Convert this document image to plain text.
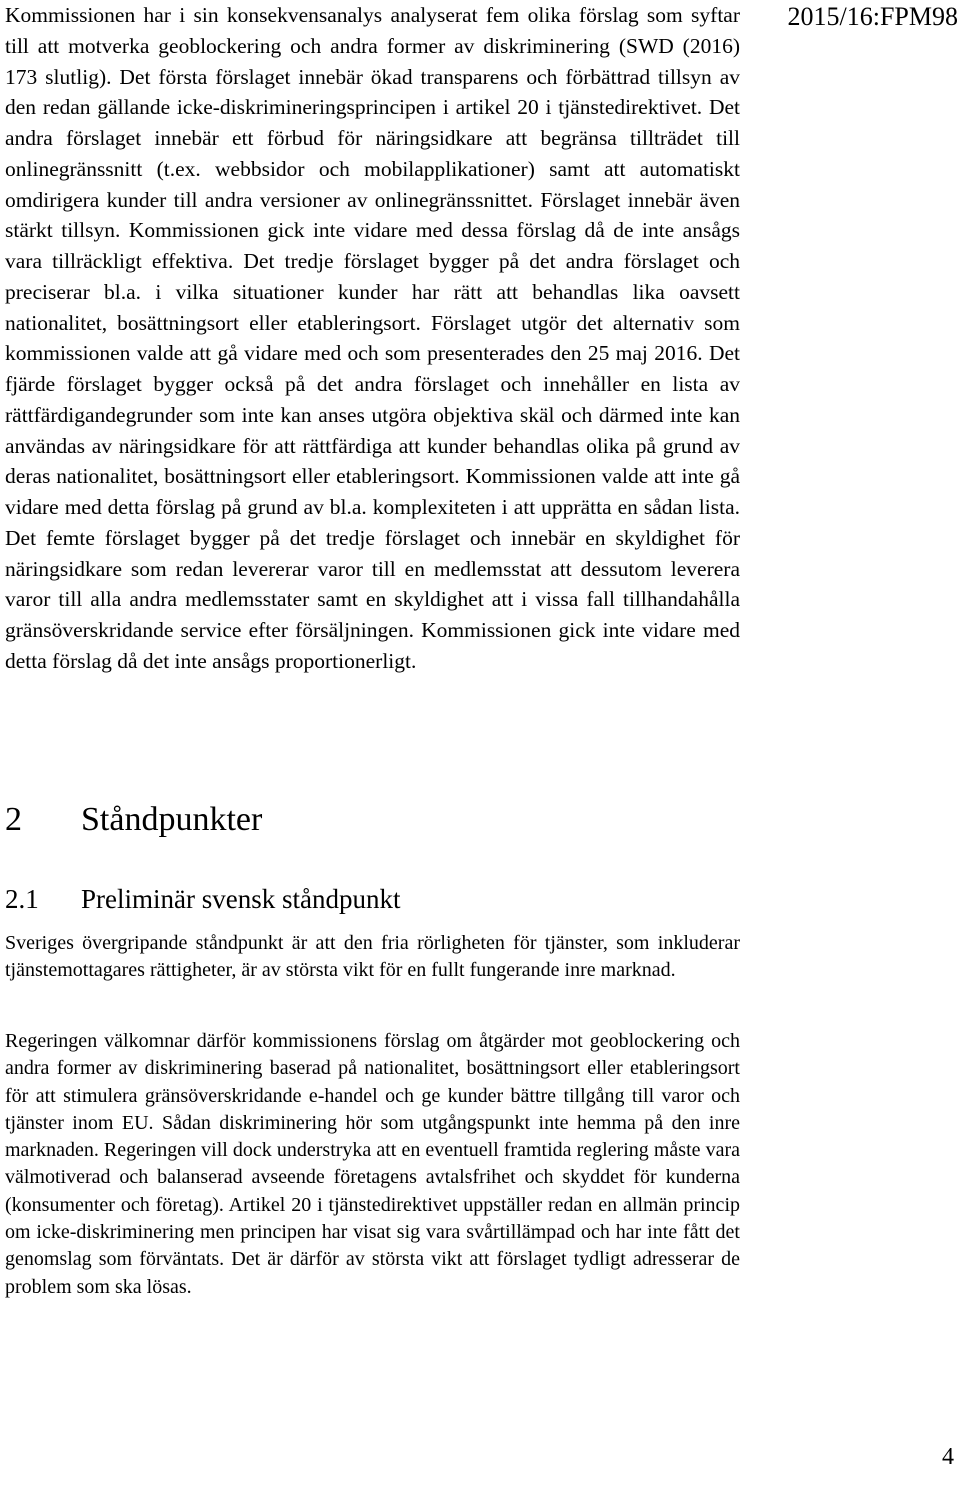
2015/16:FPM98

Kommissionen har i sin konsekvensanalys analyserat fem olika förslag som syftar till att motverka geoblockering och andra former av diskriminering (SWD (2016) 173 slutlig). Det första förslaget innebär ökad transparens och förbättrad tillsyn av den redan gällande icke-diskrimineringsprincipen i artikel 20 i tjänstedirektivet. Det andra förslaget innebär ett förbud för näringsidkare att begränsa tillträdet till onlinegränssnitt (t.ex. webbsidor och mobilapplikationer) samt att automatiskt omdirigera kunder till andra versioner av onlinegränssnittet. Förslaget innebär även stärkt tillsyn. Kommissionen gick inte vidare med dessa förslag då de inte ansågs vara tillräckligt effektiva. Det tredje förslaget bygger på det andra förslaget och preciserar bl.a. i vilka situationer kunder har rätt att behandlas lika oavsett nationalitet, bosättningsort eller etableringsort. Förslaget utgör det alternativ som kommissionen valde att gå vidare med och som presenterades den 25 maj 2016. Det fjärde förslaget bygger också på det andra förslaget och innehåller en lista av rättfärdigandegrunder som inte kan anses utgöra objektiva skäl och därmed inte kan användas av näringsidkare för att rättfärdiga att kunder behandlas olika på grund av deras nationalitet, bosättningsort eller etableringsort. Kommissionen valde att inte gå vidare med detta förslag på grund av bl.a. komplexiteten i att upprätta en sådan lista. Det femte förslaget bygger på det tredje förslaget och innebär en skyldighet för näringsidkare som redan levererar varor till en medlemsstat att dessutom leverera varor till alla andra medlemsstater samt en skyldighet att i vissa fall tillhandahålla gränsöverskridande service efter försäljningen. Kommissionen gick inte vidare med detta förslag då det inte ansågs proportionerligt.

2 Ståndpunkter
2.1 Preliminär svensk ståndpunkt

Sveriges övergripande ståndpunkt är att den fria rörligheten för tjänster, som inkluderar tjänstemottagares rättigheter, är av största vikt för en fullt fungerande inre marknad.

Regeringen välkomnar därför kommissionens förslag om åtgärder mot geoblockering och andra former av diskriminering baserad på nationalitet, bosättningsort eller etableringsort för att stimulera gränsöverskridande e-handel och ge kunder bättre tillgång till varor och tjänster inom EU. Sådan diskriminering hör som utgångspunkt inte hemma på den inre marknaden. Regeringen vill dock understryka att en eventuell framtida reglering måste vara välmotiverad och balanserad avseende företagens avtalsfrihet och skyddet för kunderna (konsumenter och företag). Artikel 20 i tjänstedirektivet uppställer redan en allmän princip om icke-diskriminering men principen har visat sig vara svårtillämpad och har inte fått det genomslag som förväntats. Det är därför av största vikt att förslaget tydligt adresserar de problem som ska lösas.

4
